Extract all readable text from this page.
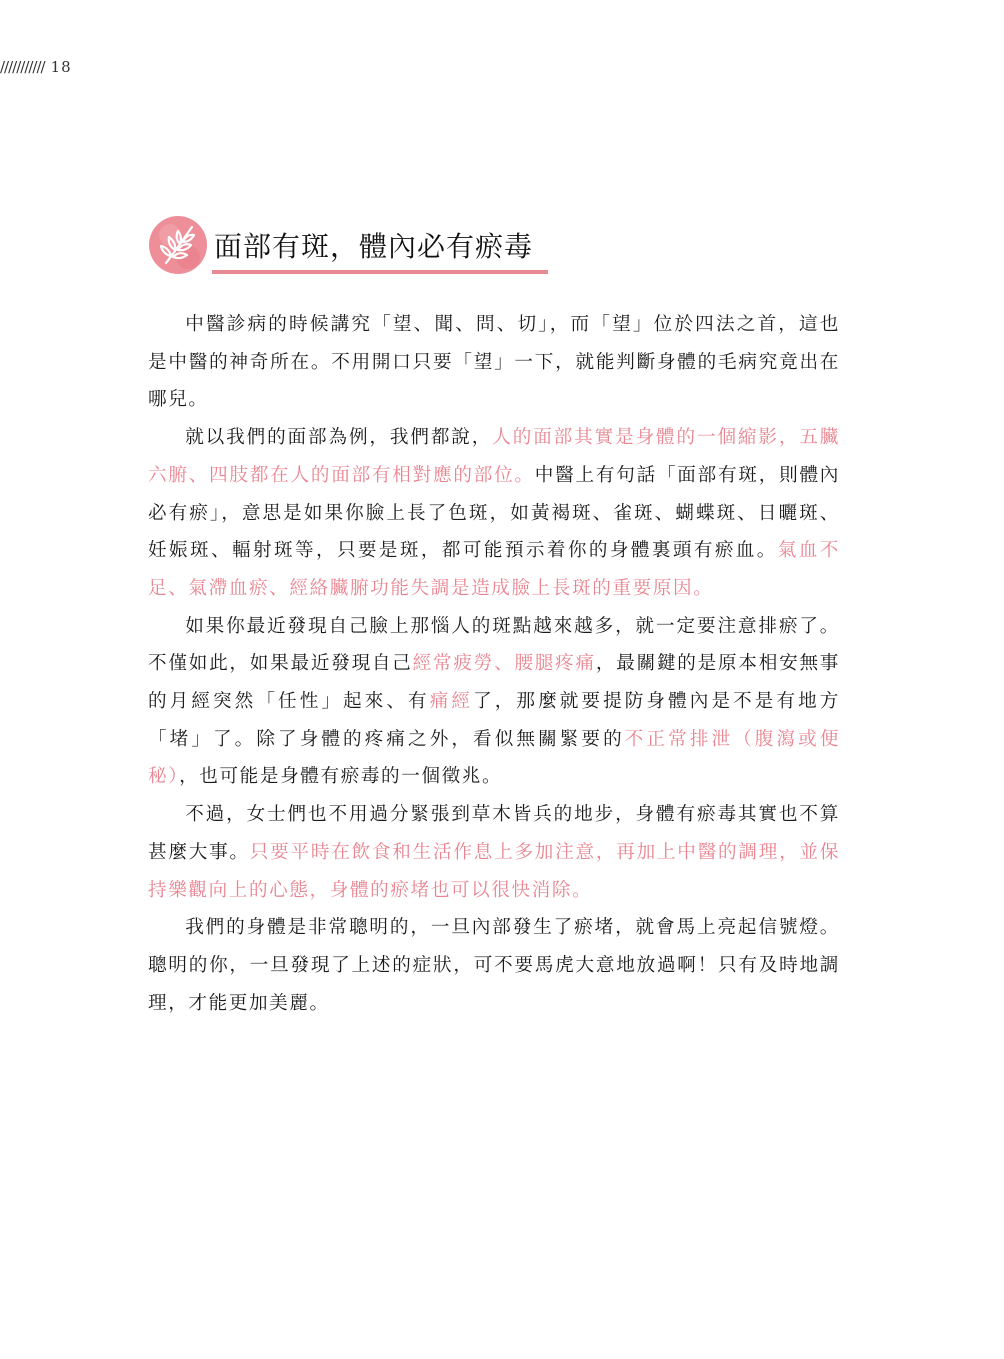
/////////// 18
面部有斑，體內必有瘀毒

中醫診病的時候講究「望、聞、問、切」，而「望」位於四法之首，這也是中醫的神奇所在。不用開口只要「望」一下，就能判斷身體的毛病究竟出在哪兒。

就以我們的面部為例，我們都說，人的面部其實是身體的一個縮影，五臟六腑、四肢都在人的面部有相對應的部位。中醫上有句話「面部有斑，則體內必有瘀」，意思是如果你臉上長了色斑，如黃褐斑、雀斑、蝴蝶斑、日曬斑、妊娠斑、輻射斑等，只要是斑，都可能預示着你的身體裏頭有瘀血。氣血不足、氣滯血瘀、經絡臟腑功能失調是造成臉上長斑的重要原因。

如果你最近發現自己臉上那惱人的斑點越來越多，就一定要注意排瘀了。不僅如此，如果最近發現自己經常疲勞、腰腿疼痛，最關鍵的是原本相安無事的月經突然「任性」起來、有痛經了，那麼就要提防身體內是不是有地方「堵」了。除了身體的疼痛之外，看似無關緊要的不正常排泄（腹瀉或便秘），也可能是身體有瘀毒的一個徵兆。

不過，女士們也不用過分緊張到草木皆兵的地步，身體有瘀毒其實也不算甚麼大事。只要平時在飲食和生活作息上多加注意，再加上中醫的調理，並保持樂觀向上的心態，身體的瘀堵也可以很快消除。

我們的身體是非常聰明的，一旦內部發生了瘀堵，就會馬上亮起信號燈。聰明的你，一旦發現了上述的症狀，可不要馬虎大意地放過啊！只有及時地調理，才能更加美麗。
